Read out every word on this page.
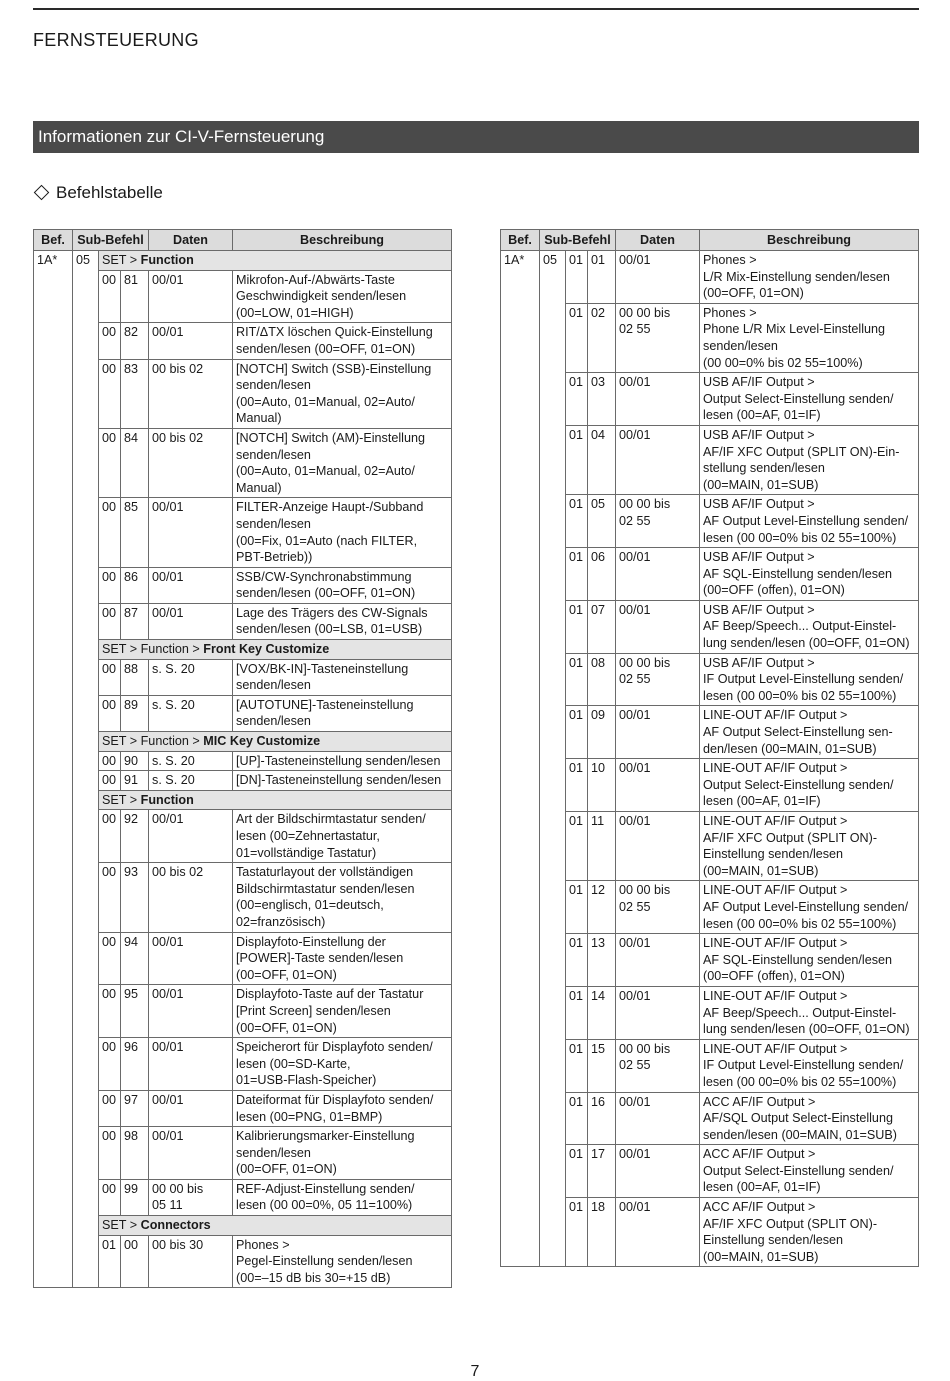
FERNSTEUERUNG
Informationen zur CI-V-Fernsteuerung
Befehlstabelle
Bef.	Sub-Befehl			Daten	Beschreibung
1A*	05	SET > Function			
		00	81	00/01	Mikrofon-Auf-/Abwärts-Taste
Geschwindigkeit senden/lesen
(00=LOW, 01=HIGH)
		00	82	00/01	RIT/ΔTX löschen Quick-Einstellung
senden/lesen (00=OFF, 01=ON)
		00	83	00 bis 02	[NOTCH] Switch (SSB)-Einstellung
senden/lesen
(00=Auto, 01=Manual, 02=Auto/
Manual)
		00	84	00 bis 02	[NOTCH] Switch (AM)-Einstellung
senden/lesen
(00=Auto, 01=Manual, 02=Auto/
Manual)
		00	85	00/01	FILTER-Anzeige Haupt-/Subband
senden/lesen
(00=Fix, 01=Auto (nach FILTER,
PBT-Betrieb))
		00	86	00/01	SSB/CW-Synchronabstimmung
senden/lesen (00=OFF, 01=ON)
		00	87	00/01	Lage des Trägers des CW-Signals
senden/lesen (00=LSB, 01=USB)
		SET > Function > Front Key Customize			
		00	88	s. S. 20	[VOX/BK-IN]-Tasteneinstellung
senden/lesen
		00	89	s. S. 20	[AUTOTUNE]-Tasteneinstellung
senden/lesen
		SET > Function > MIC Key Customize			
		00	90	s. S. 20	[UP]-Tasteneinstellung senden/lesen
		00	91	s. S. 20	[DN]-Tasteneinstellung senden/lesen
		SET > Function			
		00	92	00/01	Art der Bildschirmtastatur senden/
lesen (00=Zehnertastatur,
01=vollständige Tastatur)
		00	93	00 bis 02	Tastaturlayout der vollständigen
Bildschirmtastatur senden/lesen
(00=englisch, 01=deutsch,
02=französisch)
		00	94	00/01	Displayfoto-Einstellung der
[POWER]-Taste senden/lesen
(00=OFF, 01=ON)
		00	95	00/01	Displayfoto-Taste auf der Tastatur
[Print Screen] senden/lesen
(00=OFF, 01=ON)
		00	96	00/01	Speicherort für Displayfoto senden/
lesen (00=SD-Karte,
01=USB-Flash-Speicher)
		00	97	00/01	Dateiformat für Displayfoto senden/
lesen (00=PNG, 01=BMP)
		00	98	00/01	Kalibrierungsmarker-Einstellung
senden/lesen
(00=OFF, 01=ON)
		00	99	00 00 bis
05 11	REF-Adjust-Einstellung senden/
lesen (00 00=0%, 05 11=100%)
		SET > Connectors			
		01	00	00 bis 30	Phones >
Pegel-Einstellung senden/lesen
(00=–15 dB bis 30=+15 dB)
Bef.	Sub-Befehl			Daten	Beschreibung
1A*	05	01	01	00/01	Phones >
L/R Mix-Einstellung senden/lesen
(00=OFF, 01=ON)
		01	02	00 00 bis
02 55	Phones >
Phone L/R Mix Level-Einstellung
senden/lesen
(00 00=0% bis 02 55=100%)
		01	03	00/01	USB AF/IF Output >
Output Select-Einstellung senden/
lesen (00=AF, 01=IF)
		01	04	00/01	USB AF/IF Output >
AF/IF XFC Output (SPLIT ON)-Ein-
stellung senden/lesen
(00=MAIN, 01=SUB)
		01	05	00 00 bis
02 55	USB AF/IF Output >
AF Output Level-Einstellung senden/
lesen (00 00=0% bis 02 55=100%)
		01	06	00/01	USB AF/IF Output >
AF SQL-Einstellung senden/lesen
(00=OFF (offen), 01=ON)
		01	07	00/01	USB AF/IF Output >
AF Beep/Speech... Output-Einstel-
lung senden/lesen (00=OFF, 01=ON)
		01	08	00 00 bis
02 55	USB AF/IF Output >
IF Output Level-Einstellung senden/
lesen (00 00=0% bis 02 55=100%)
		01	09	00/01	LINE-OUT AF/IF Output >
AF Output Select-Einstellung sen-
den/lesen (00=MAIN, 01=SUB)
		01	10	00/01	LINE-OUT AF/IF Output >
Output Select-Einstellung senden/
lesen (00=AF, 01=IF)
		01	11	00/01	LINE-OUT AF/IF Output >
AF/IF XFC Output (SPLIT ON)-
Einstellung senden/lesen
(00=MAIN, 01=SUB)
		01	12	00 00 bis
02 55	LINE-OUT AF/IF Output >
AF Output Level-Einstellung senden/
lesen (00 00=0% bis 02 55=100%)
		01	13	00/01	LINE-OUT AF/IF Output >
AF SQL-Einstellung senden/lesen
(00=OFF (offen), 01=ON)
		01	14	00/01	LINE-OUT AF/IF Output >
AF Beep/Speech... Output-Einstel-
lung senden/lesen (00=OFF, 01=ON)
		01	15	00 00 bis
02 55	LINE-OUT AF/IF Output >
IF Output Level-Einstellung senden/
lesen (00 00=0% bis 02 55=100%)
		01	16	00/01	ACC AF/IF Output >
AF/SQL Output Select-Einstellung
senden/lesen (00=MAIN, 01=SUB)
		01	17	00/01	ACC AF/IF Output >
Output Select-Einstellung senden/
lesen (00=AF, 01=IF)
		01	18	00/01	ACC AF/IF Output >
AF/IF XFC Output (SPLIT ON)-
Einstellung senden/lesen
(00=MAIN, 01=SUB)
7
